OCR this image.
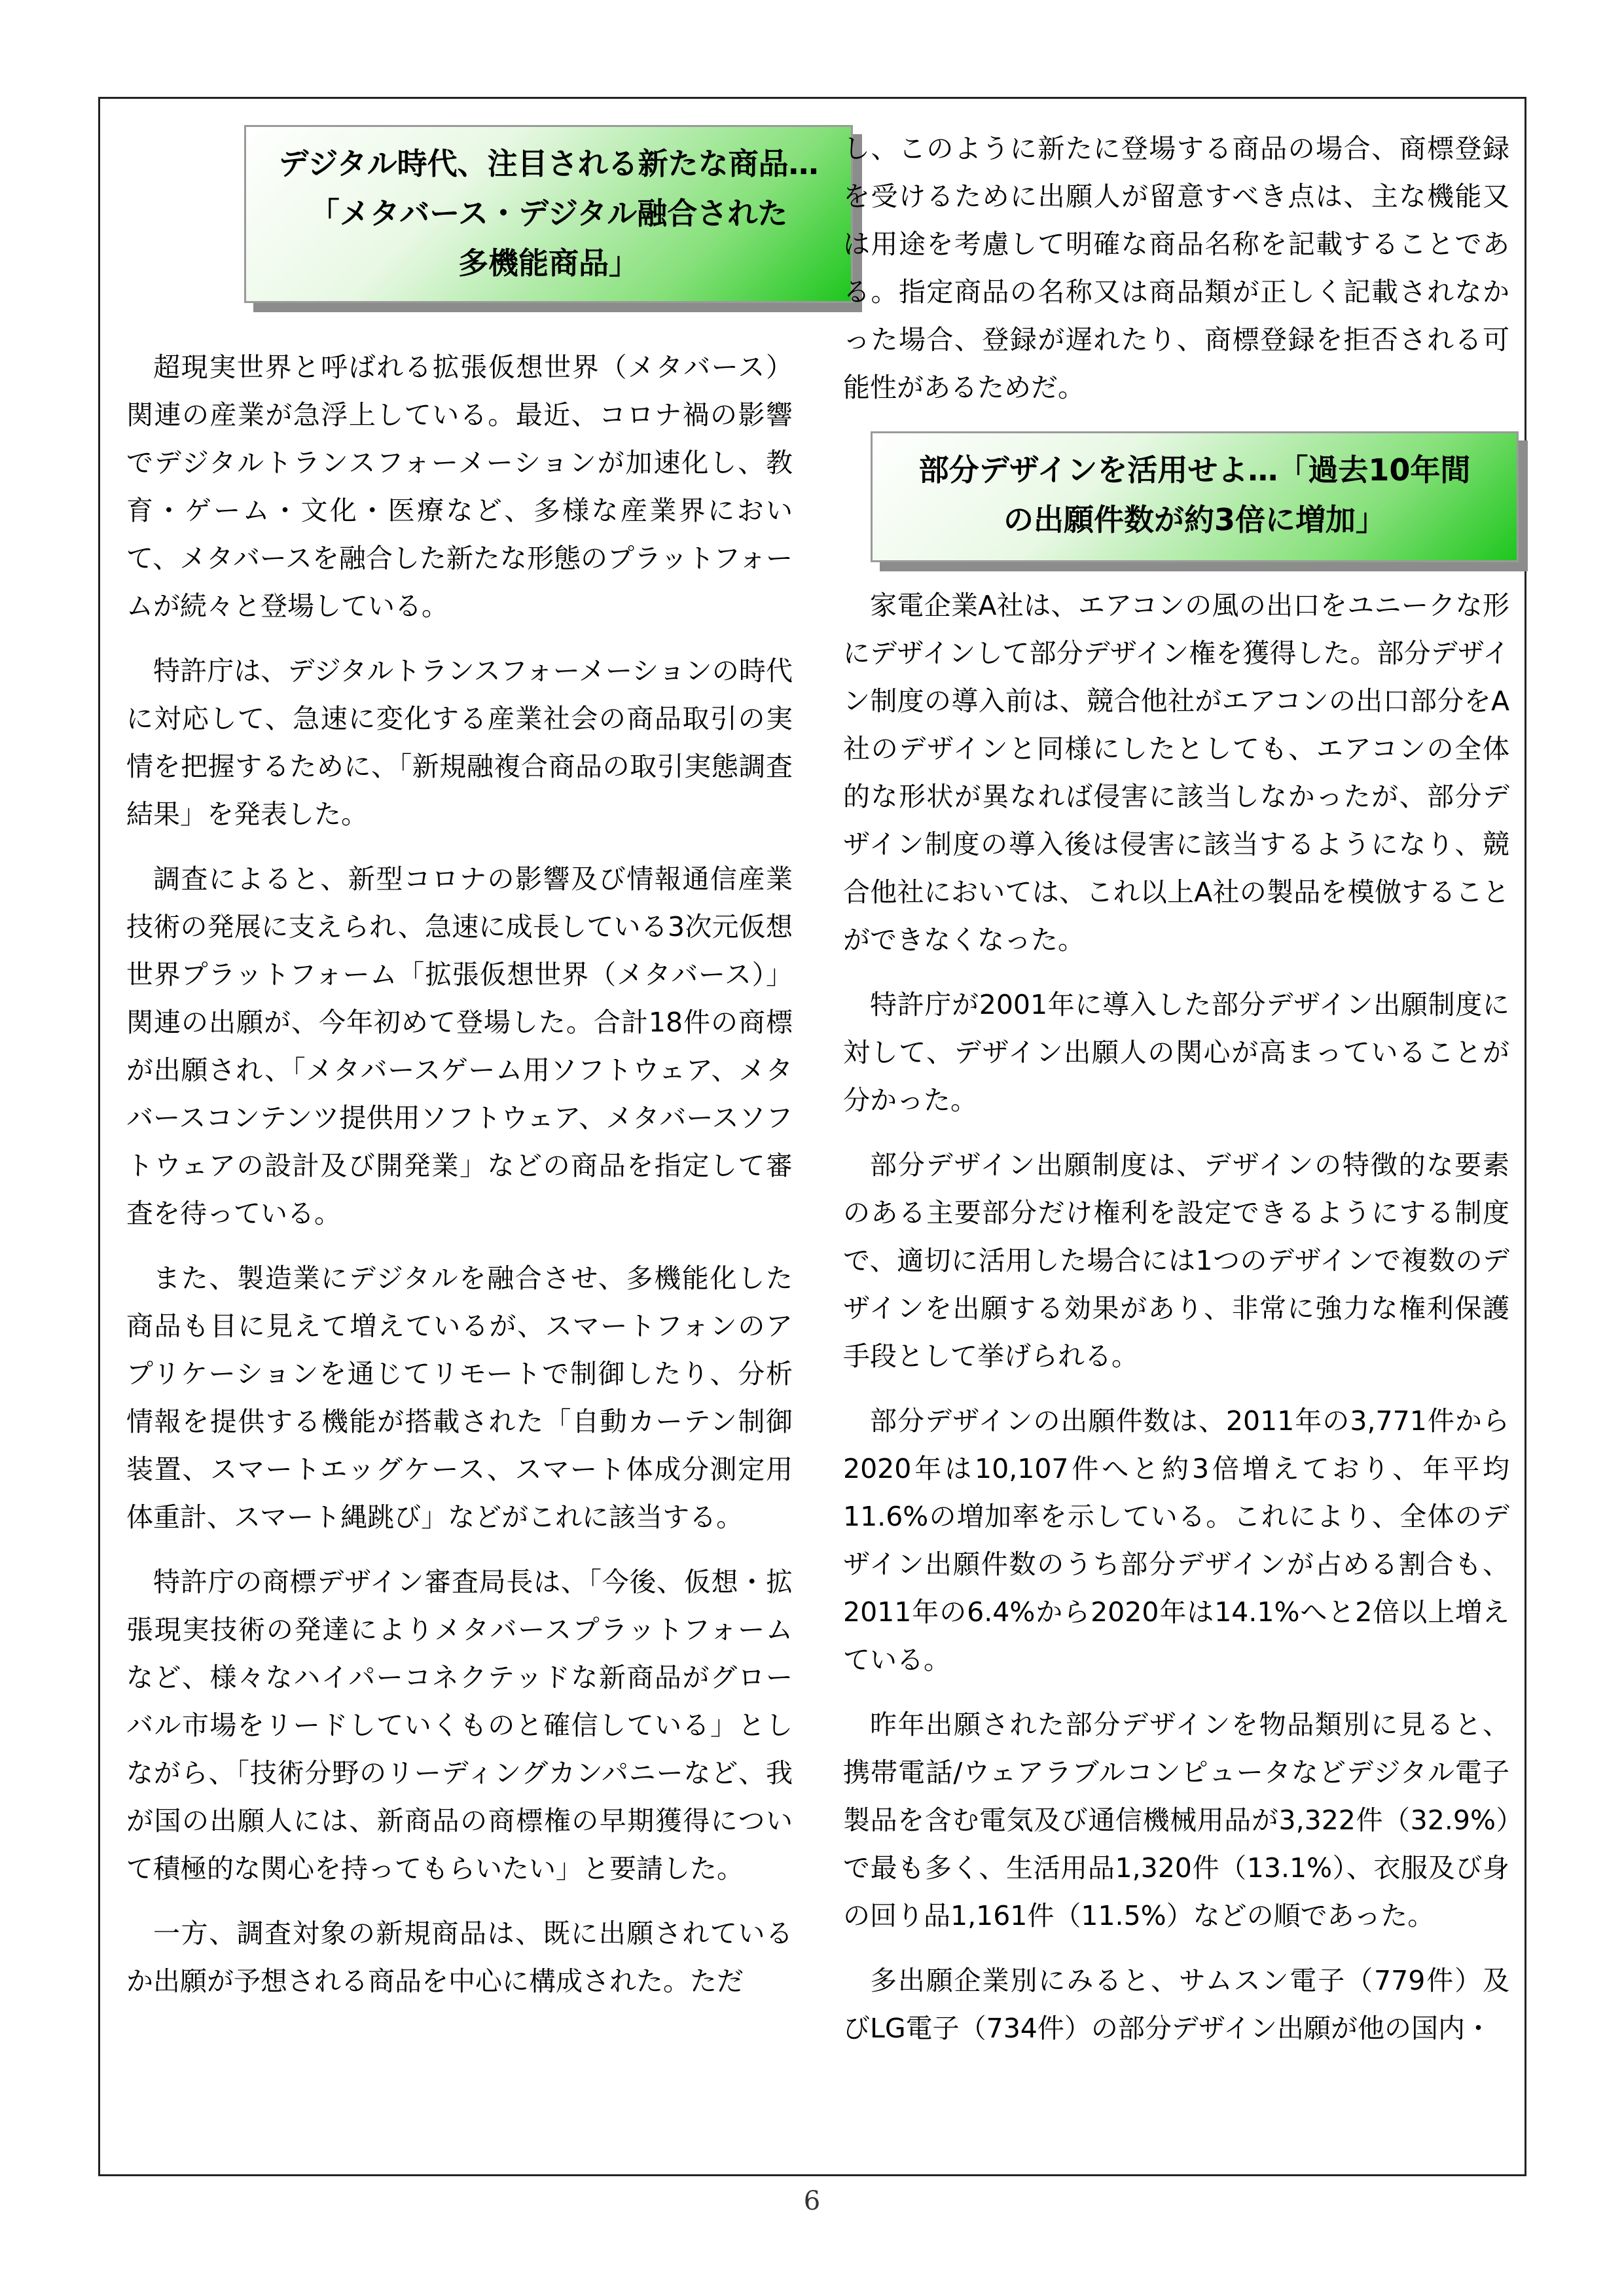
デジタル時代、注目される新たな商品…
「メタバース・デジタル融合された
多機能商品」

超現実世界と呼ばれる拡張仮想世界（メタバース）関連の産業が急浮上している。最近、コロナ禍の影響でデジタルトランスフォーメーションが加速化し、教育・ゲーム・文化・医療など、多様な産業界において、メタバースを融合した新たな形態のプラットフォームが続々と登場している。

特許庁は、デジタルトランスフォーメーションの時代に対応して、急速に変化する産業社会の商品取引の実情を把握するために、「新規融複合商品の取引実態調査結果」を発表した。

調査によると、新型コロナの影響及び情報通信産業技術の発展に支えられ、急速に成長している3次元仮想世界プラットフォーム「拡張仮想世界（メタバース）」関連の出願が、今年初めて登場した。合計18件の商標が出願され、「メタバースゲーム用ソフトウェア、メタバースコンテンツ提供用ソフトウェア、メタバースソフトウェアの設計及び開発業」などの商品を指定して審査を待っている。

また、製造業にデジタルを融合させ、多機能化した商品も目に見えて増えているが、スマートフォンのアプリケーションを通じてリモートで制御したり、分析情報を提供する機能が搭載された「自動カーテン制御装置、スマートエッグケース、スマート体成分測定用体重計、スマート縄跳び」などがこれに該当する。

特許庁の商標デザイン審査局長は、「今後、仮想・拡張現実技術の発達によりメタバースプラットフォームなど、様々なハイパーコネクテッドな新商品がグローバル市場をリードしていくものと確信している」としながら、「技術分野のリーディングカンパニーなど、我が国の出願人には、新商品の商標権の早期獲得について積極的な関心を持ってもらいたい」と要請した。

一方、調査対象の新規商品は、既に出願されているか出願が予想される商品を中心に構成された。ただ

し、このように新たに登場する商品の場合、商標登録を受けるために出願人が留意すべき点は、主な機能又は用途を考慮して明確な商品名称を記載することである。指定商品の名称又は商品類が正しく記載されなかった場合、登録が遅れたり、商標登録を拒否される可能性があるためだ。

部分デザインを活用せよ…「過去10年間
の出願件数が約3倍に増加」

家電企業A社は、エアコンの風の出口をユニークな形にデザインして部分デザイン権を獲得した。部分デザイン制度の導入前は、競合他社がエアコンの出口部分をA社のデザインと同様にしたとしても、エアコンの全体的な形状が異なれば侵害に該当しなかったが、部分デザイン制度の導入後は侵害に該当するようになり、競合他社においては、これ以上A社の製品を模倣することができなくなった。

特許庁が2001年に導入した部分デザイン出願制度に対して、デザイン出願人の関心が高まっていることが分かった。

部分デザイン出願制度は、デザインの特徴的な要素のある主要部分だけ権利を設定できるようにする制度で、適切に活用した場合には1つのデザインで複数のデザインを出願する効果があり、非常に強力な権利保護手段として挙げられる。

部分デザインの出願件数は、2011年の3,771件から2020年は10,107件へと約3倍増えており、年平均11.6%の増加率を示している。これにより、全体のデザイン出願件数のうち部分デザインが占める割合も、2011年の6.4%から2020年は14.1%へと2倍以上増えている。

昨年出願された部分デザインを物品類別に見ると、携帯電話/ウェアラブルコンピュータなどデジタル電子製品を含む電気及び通信機械用品が3,322件（32.9%）で最も多く、生活用品1,320件（13.1%）、衣服及び身の回り品1,161件（11.5%）などの順であった。

多出願企業別にみると、サムスン電子（779件）及びLG電子（734件）の部分デザイン出願が他の国内・

6
